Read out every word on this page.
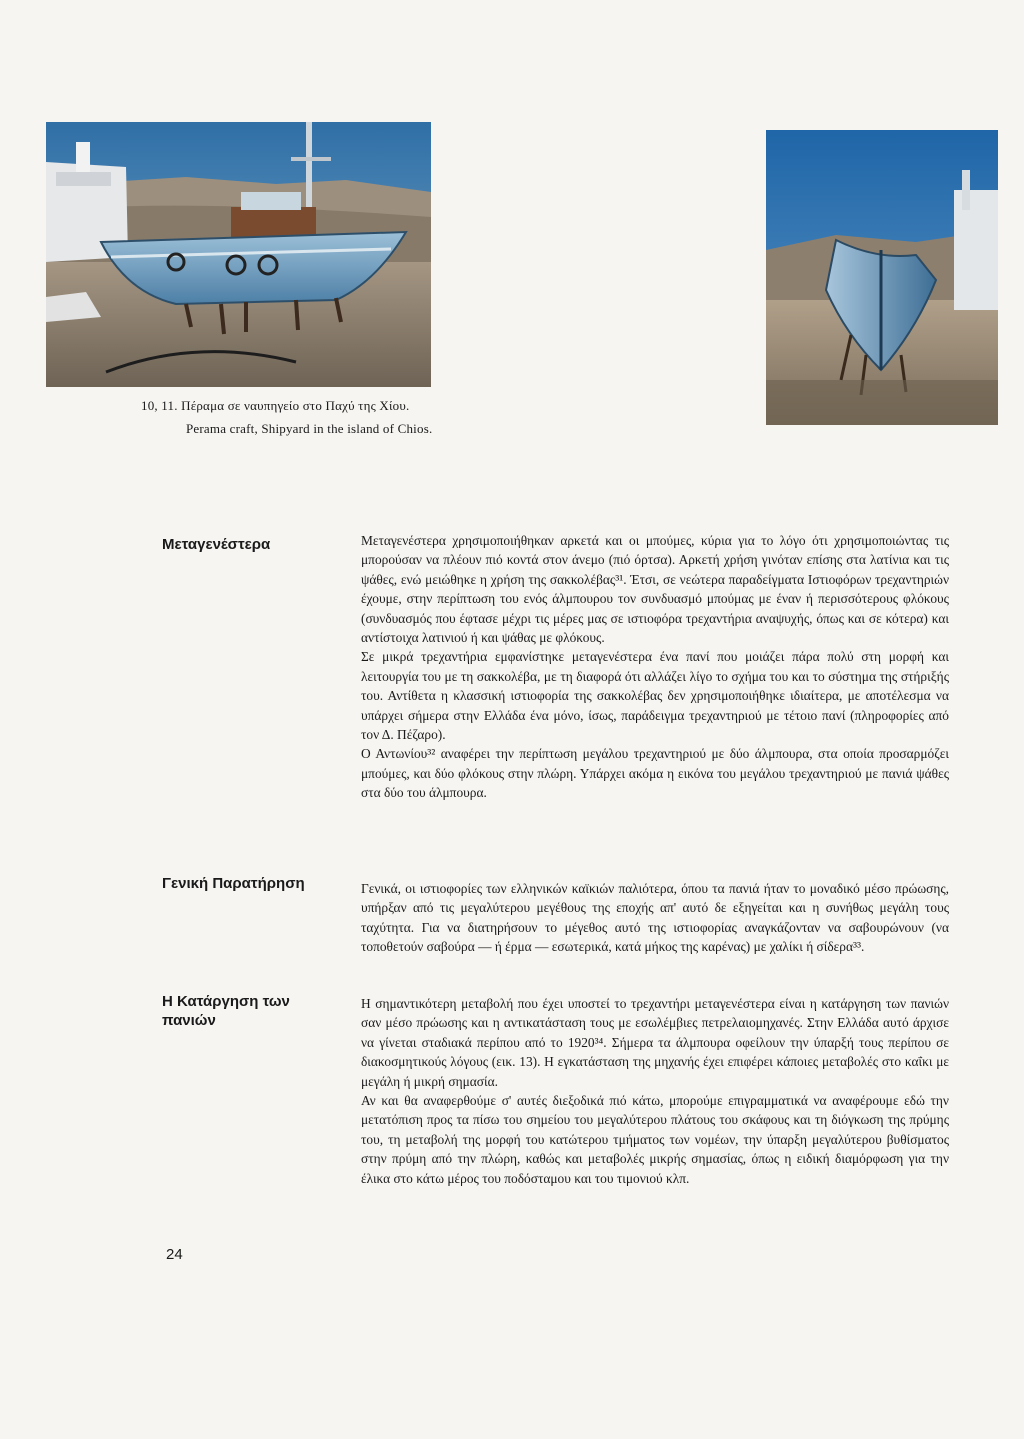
10, 11. Πέραμα σε ναυπηγείο στο Παχύ της Χίου.
Perama craft, Shipyard in the island of Chios.
Μεταγενέστερα	Μεταγενέστερα χρησιμοποιήθηκαν αρκετά και οι μπούμες, κύρια για το λόγο ότι χρησιμοποιώντας τις μπορούσαν να πλέουν πιό κοντά στον άνεμο (πιό όρτσα). Αρκετή χρήση γινόταν επίσης στα λατίνια και τις ψάθες, ενώ μειώθηκε η χρήση της σακκολέβας³¹. Έτσι, σε νεώτερα παραδείγματα Ιστιοφόρων τρεχαντηριών έχουμε, στην περίπτωση του ενός άλμπουρου τον συνδυασμό μπούμας με έναν ή περισσότερους φλόκους (συνδυασμός που έφτασε μέχρι τις μέρες μας σε ιστιοφόρα τρεχαντήρια αναψυχής, όπως και σε κότερα) και αντίστοιχα λατινιού ή και ψάθας με φλόκους.

Σε μικρά τρεχαντήρια εμφανίστηκε μεταγενέστερα ένα πανί που μοιάζει πάρα πολύ στη μορφή και λειτουργία του με τη σακκολέβα, με τη διαφορά ότι αλλάζει λίγο το σχήμα του και το σύστημα της στήριξής του. Αντίθετα η κλασσική ιστιοφορία της σακκολέβας δεν χρησιμοποιήθηκε ιδιαίτερα, με αποτέλεσμα να υπάρχει σήμερα στην Ελλάδα ένα μόνο, ίσως, παράδειγμα τρεχαντηριού με τέτοιο πανί (πληροφορίες από τον Δ. Πέζαρο).

Ο Αντωνίου³² αναφέρει την περίπτωση μεγάλου τρεχαντηριού με δύο άλμπουρα, στα οποία προσαρμόζει μπούμες, και δύο φλόκους στην πλώρη. Υπάρχει ακόμα η εικόνα του μεγάλου τρεχαντηριού με πανιά ψάθες στα δύο του άλμπουρα.

Γενική Παρατήρηση	Γενικά, οι ιστιοφορίες των ελληνικών καϊκιών παλιότερα, όπου τα πανιά ήταν το μοναδικό μέσο πρώωσης, υπήρξαν από τις μεγαλύτερου μεγέθους της εποχής απ' αυτό δε εξηγείται και η συνήθως μεγάλη τους ταχύτητα. Για να διατηρήσουν το μέγεθος αυτό της ιστιοφορίας αναγκάζονταν να σαβουρώνουν (να τοποθετούν σαβούρα — ή έρμα — εσωτερικά, κατά μήκος της καρένας) με χαλίκι ή σίδερα³³.

Η Κατάργηση των πανιών

Η σημαντικότερη μεταβολή που έχει υποστεί το τρεχαντήρι μεταγενέστερα είναι η κατάργηση των πανιών σαν μέσο πρώωσης και η αντικατάσταση τους με εσωλέμβιες πετρελαιομηχανές. Στην Ελλάδα αυτό άρχισε να γίνεται σταδιακά περίπου από το 1920³⁴. Σήμερα τα άλμπουρα οφείλουν την ύπαρξή τους περίπου σε διακοσμητικούς λόγους (εικ. 13). Η εγκατάσταση της μηχανής έχει επιφέρει κάποιες μεταβολές στο καΐκι με μεγάλη ή μικρή σημασία.

Αν και θα αναφερθούμε σ' αυτές διεξοδικά πιό κάτω, μπορούμε επιγραμματικά να αναφέρουμε εδώ την μετατόπιση προς τα πίσω του σημείου του μεγαλύτερου πλάτους του σκάφους και τη διόγκωση της πρύμης του, τη μεταβολή της μορφή του κατώτερου τμήματος των νομέων, την ύπαρξη μεγαλύτερου βυθίσματος στην πρύμη από την πλώρη, καθώς και μεταβολές μικρής σημασίας, όπως η ειδική διαμόρφωση για την έλικα στο κάτω μέρος του ποδόσταμου και του τιμονιού κλπ.

24
